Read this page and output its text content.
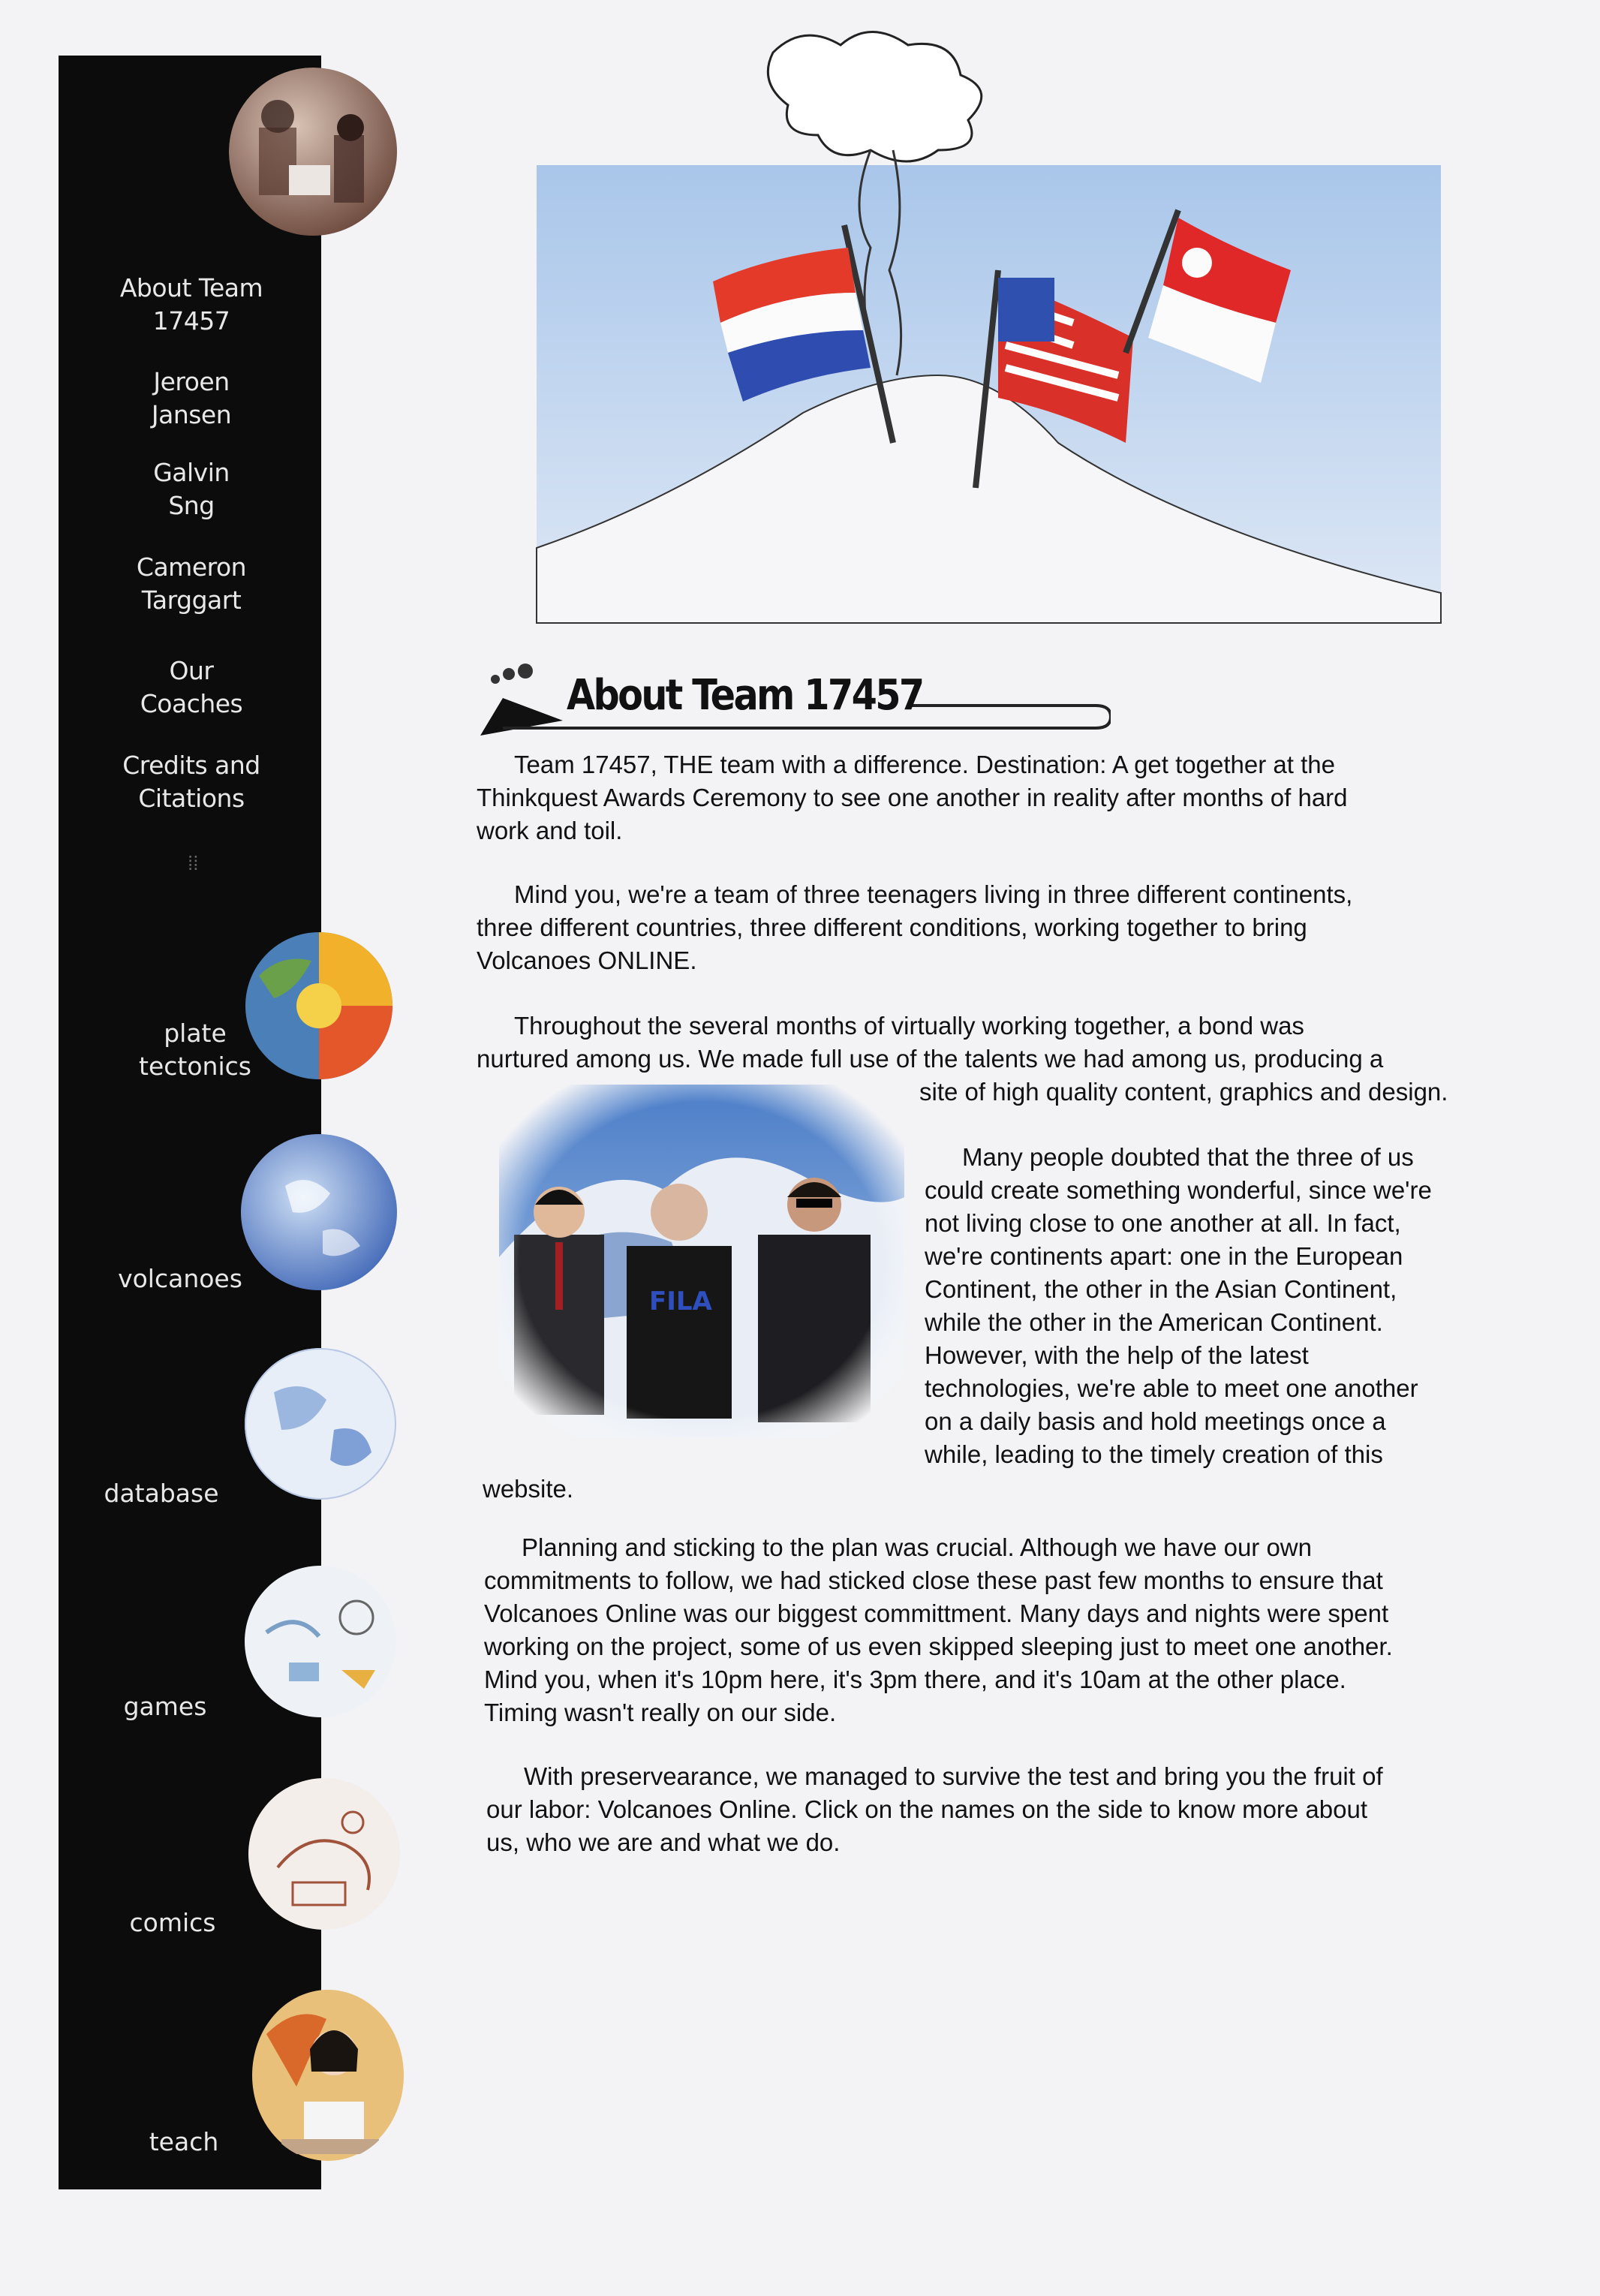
About Team
17457
Jeroen
Jansen
Galvin
Sng
Cameron
Targgart
Our
Coaches
Credits and
Citations
⁞⁞
plate
tectonics
volcanoes
database
games
comics
teach
About Team 17457
Team 17457, THE team with a difference. Destination: A get together at the
Thinkquest Awards Ceremony to see one another in reality after months of hard
work and toil.
Mind you, we're a team of three teenagers living in three different continents,
three different countries, three different conditions, working together to bring
Volcanoes ONLINE.
Throughout the several months of virtually working together, a bond was
nurtured among us. We made full use of the talents we had among us, producing a
site of high quality content, graphics and design.
Many people doubted that the three of us
could create something wonderful, since we're
not living close to one another at all. In fact,
we're continents apart: one in the European
Continent, the other in the Asian Continent,
while the other in the American Continent.
However, with the help of the latest
technologies, we're able to meet one another
on a daily basis and hold meetings once a
while, leading to the timely creation of this
website.
Planning and sticking to the plan was crucial. Although we have our own
commitments to follow, we had sticked close these past few months to ensure that
Volcanoes Online was our biggest committment. Many days and nights were spent
working on the project, some of us even skipped sleeping just to meet one another.
Mind you, when it's 10pm here, it's 3pm there, and it's 10am at the other place.
Timing wasn't really on our side.
With preservearance, we managed to survive the test and bring you the fruit of
our labor: Volcanoes Online. Click on the names on the side to know more about
us, who we are and what we do.
